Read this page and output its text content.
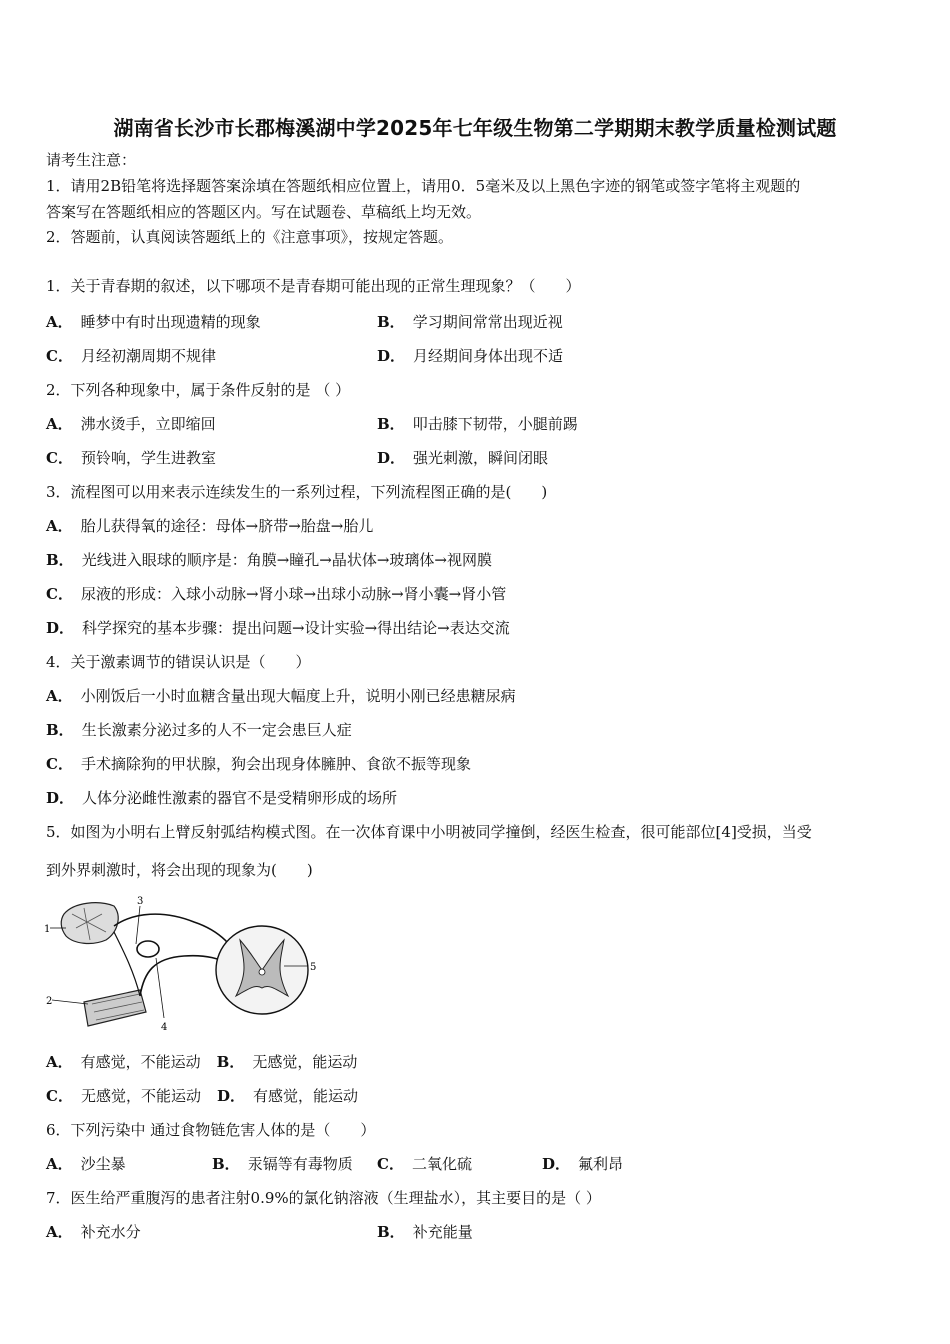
湖南省长沙市长郡梅溪湖中学2025年七年级生物第二学期期末教学质量检测试题
请考生注意：
1．请用2B铅笔将选择题答案涂填在答题纸相应位置上，请用0．5毫米及以上黑色字迹的钢笔或签字笔将主观题的
答案写在答题纸相应的答题区内。写在试题卷、草稿纸上均无效。
2．答题前，认真阅读答题纸上的《注意事项》，按规定答题。
1．关于青春期的叙述，以下哪项不是青春期可能出现的正常生理现象？（　　）
A． 睡梦中有时出现遗精的现象	B． 学习期间常常出现近视
C． 月经初潮周期不规律	D． 月经期间身体出现不适
2．下列各种现象中，属于条件反射的是 （ ）
A． 沸水烫手，立即缩回	B． 叩击膝下韧带，小腿前踢
C． 预铃响，学生进教室	D． 强光刺激，瞬间闭眼
3．流程图可以用来表示连续发生的一系列过程，下列流程图正确的是(　　)
A． 胎儿获得氧的途径：母体→脐带→胎盘→胎儿
B． 光线进入眼球的顺序是：角膜→瞳孔→晶状体→玻璃体→视网膜
C． 尿液的形成：入球小动脉→肾小球→出球小动脉→肾小囊→肾小管
D． 科学探究的基本步骤：提出问题→设计实验→得出结论→表达交流
4．关于激素调节的错误认识是（　　）
A． 小刚饭后一小时血糖含量出现大幅度上升，说明小刚已经患糖尿病
B． 生长激素分泌过多的人不一定会患巨人症
C． 手术摘除狗的甲状腺，狗会出现身体臃肿、食欲不振等现象
D． 人体分泌雌性激素的器官不是受精卵形成的场所
5．如图为小明右上臂反射弧结构模式图。在一次体育课中小明被同学撞倒，经医生检查，很可能部位[4]受损，当受
到外界刺激时，将会出现的现象为(　　)
1
2
3
4
5
A． 有感觉，不能运动 B． 无感觉，能运动
C． 无感觉，不能运动 D． 有感觉，能运动
6．下列污染中 通过食物链危害人体的是（　　）
A． 沙尘暴	B． 汞镉等有毒物质 C． 二氧化硫	D． 氟利昂
7．医生给严重腹泻的患者注射0.9%的氯化钠溶液（生理盐水），其主要目的是（ ）
A． 补充水分	B． 补充能量
